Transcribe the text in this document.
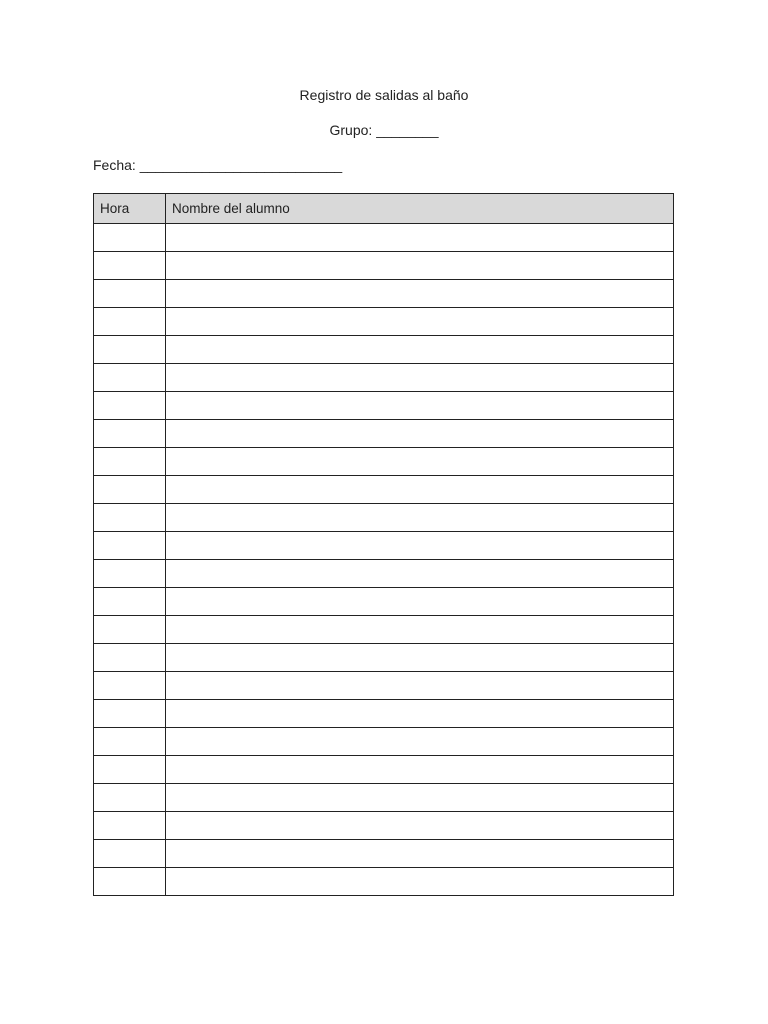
Registro de salidas al baño
Grupo: ________
Fecha: __________________________
Hora	Nombre del alumno
